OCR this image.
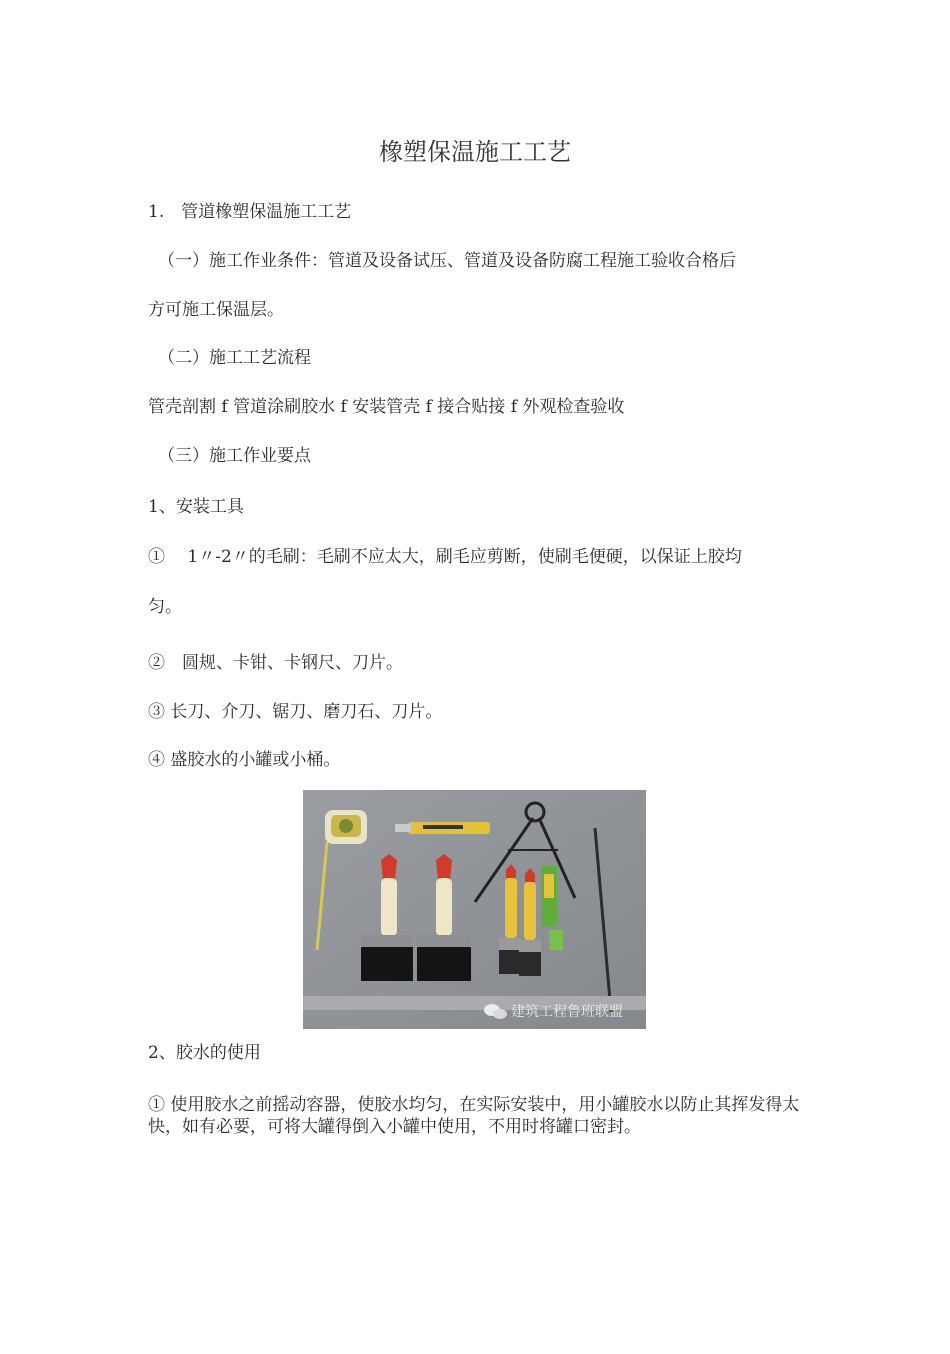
橡塑保温施工工艺
1.　管道橡塑保温施工工艺
（一）施工作业条件：管道及设备试压、管道及设备防腐工程施工验收合格后
方可施工保温层。
（二）施工工艺流程
管壳剖割 f 管道涂刷胶水 f 安装管壳 f 接合贴接 f 外观检查验收
（三）施工作业要点
1、安装工具
①　 1〃-2〃的毛刷：毛刷不应太大，刷毛应剪断，使刷毛便硬，以保证上胶均
匀。
②　圆规、卡钳、卡钢尺、刀片。
③ 长刀、介刀、锯刀、磨刀石、刀片。
④ 盛胶水的小罐或小桶。
建筑工程鲁班联盟
2、胶水的使用
① 使用胶水之前摇动容器，使胶水均匀，在实际安装中，用小罐胶水以防止其挥发得太快，如有必要，可将大罐得倒入小罐中使用，不用时将罐口密封。
